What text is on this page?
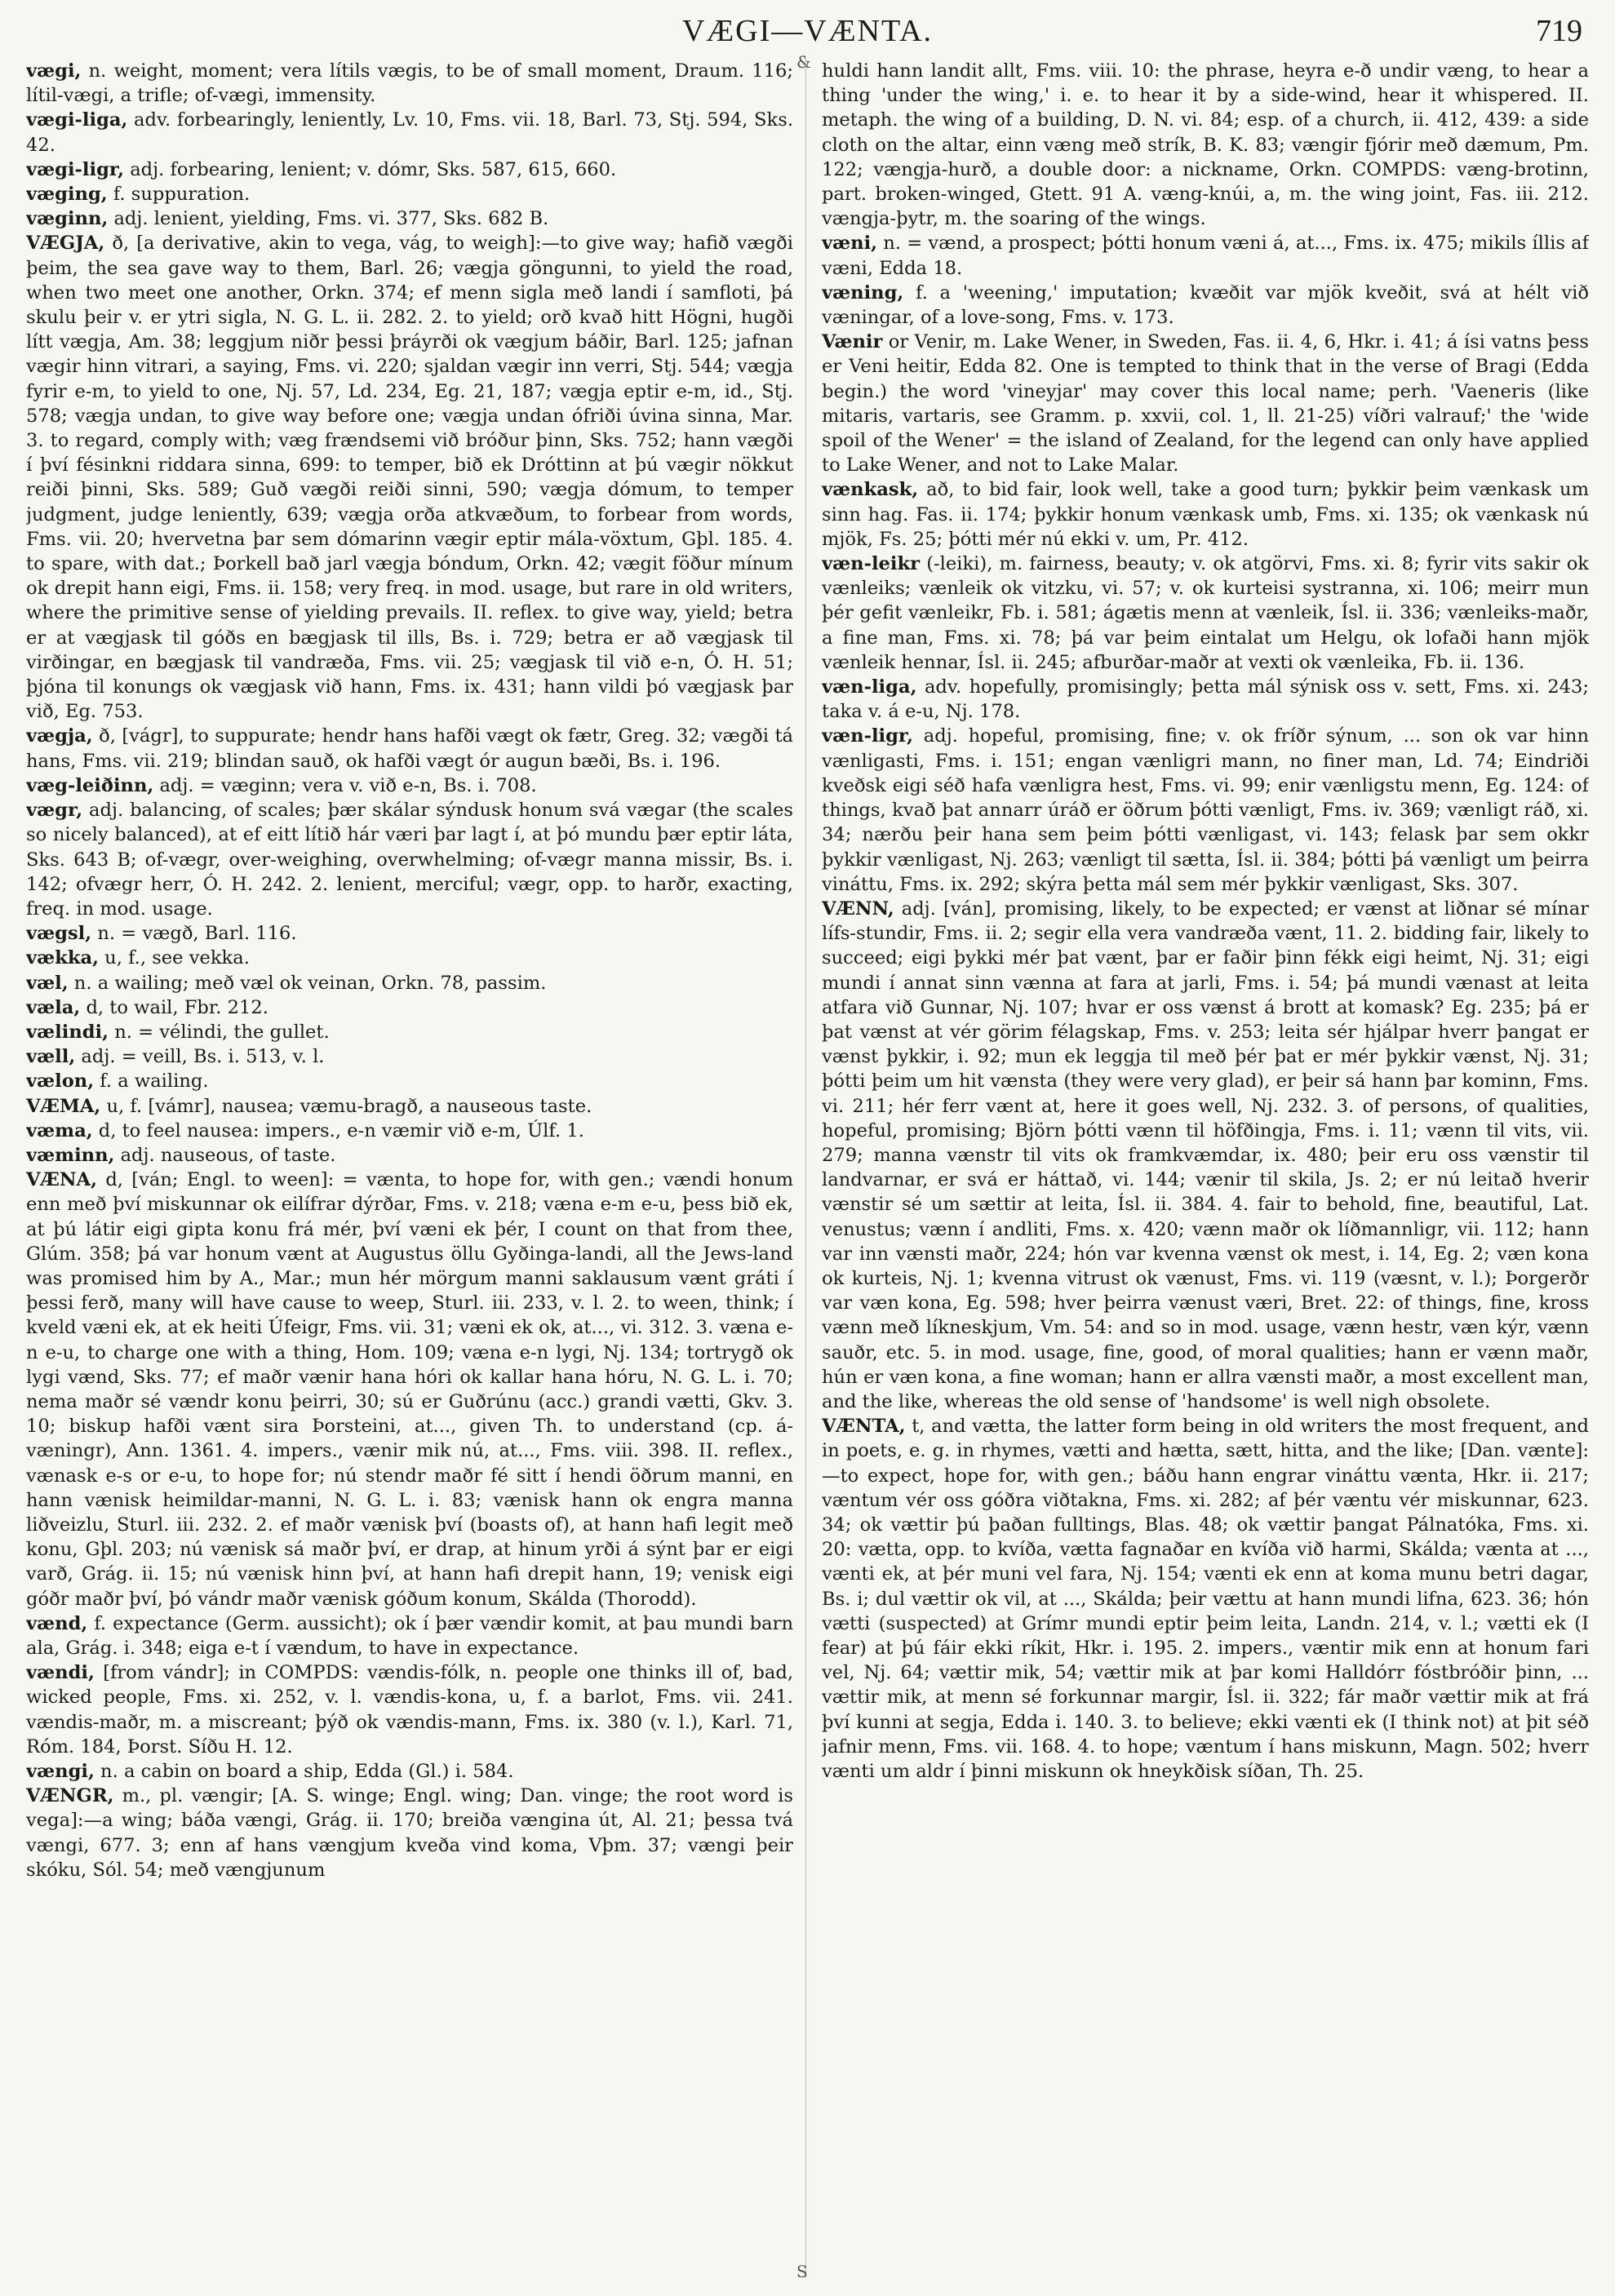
VÆGI—VÆNTA.	719
&
S

vægi, n. weight, moment; vera lítils vægis, to be of small moment, Draum. 116; lítil-vægi, a trifle; of-vægi, immensity.

vægi-liga, adv. forbearingly, leniently, Lv. 10, Fms. vii. 18, Barl. 73, Stj. 594, Sks. 42.

vægi-ligr, adj. forbearing, lenient; v. dómr, Sks. 587, 615, 660.

væging, f. suppuration.

væginn, adj. lenient, yielding, Fms. vi. 377, Sks. 682 B.

VÆGJA, ð, [a derivative, akin to vega, vág, to weigh]:—to give way; hafið vægði þeim, the sea gave way to them, Barl. 26; vægja göngunni, to yield the road, when two meet one another, Orkn. 374; ef menn sigla með landi í samfloti, þá skulu þeir v. er ytri sigla, N. G. L. ii. 282. 2. to yield; orð kvað hitt Högni, hugði lítt vægja, Am. 38; leggjum niðr þessi þráyrði ok vægjum báðir, Barl. 125; jafnan vægir hinn vitrari, a saying, Fms. vi. 220; sjaldan vægir inn verri, Stj. 544; vægja fyrir e-m, to yield to one, Nj. 57, Ld. 234, Eg. 21, 187; vægja eptir e-m, id., Stj. 578; vægja undan, to give way before one; vægja undan ófriði úvina sinna, Mar. 3. to regard, comply with; væg frændsemi við bróður þinn, Sks. 752; hann vægði í því fésinkni riddara sinna, 699: to temper, bið ek Dróttinn at þú vægir nökkut reiði þinni, Sks. 589; Guð vægði reiði sinni, 590; vægja dómum, to temper judgment, judge leniently, 639; vægja orða atkvæðum, to forbear from words, Fms. vii. 20; hvervetna þar sem dómarinn vægir eptir mála-vöxtum, Gþl. 185. 4. to spare, with dat.; Þorkell bað jarl vægja bóndum, Orkn. 42; vægit föður mínum ok drepit hann eigi, Fms. ii. 158; very freq. in mod. usage, but rare in old writers, where the primitive sense of yielding prevails. II. reflex. to give way, yield; betra er at vægjask til góðs en bægjask til ills, Bs. i. 729; betra er að vægjask til virðingar, en bægjask til vandræða, Fms. vii. 25; vægjask til við e-n, Ó. H. 51; þjóna til konungs ok vægjask við hann, Fms. ix. 431; hann vildi þó vægjask þar við, Eg. 753.

vægja, ð, [vágr], to suppurate; hendr hans hafði vægt ok fætr, Greg. 32; vægði tá hans, Fms. vii. 219; blindan sauð, ok hafði vægt ór augun bæði, Bs. i. 196.

væg-leiðinn, adj. = væginn; vera v. við e-n, Bs. i. 708.

vægr, adj. balancing, of scales; þær skálar sýndusk honum svá vægar (the scales so nicely balanced), at ef eitt lítið hár væri þar lagt í, at þó mundu þær eptir láta, Sks. 643 B; of-vægr, over-weighing, overwhelming; of-vægr manna missir, Bs. i. 142; ofvægr herr, Ó. H. 242. 2. lenient, merciful; vægr, opp. to harðr, exacting, freq. in mod. usage.

vægsl, n. = vægð, Barl. 116.

vækka, u, f., see vekka.

væl, n. a wailing; með væl ok veinan, Orkn. 78, passim.

væla, d, to wail, Fbr. 212.

vælindi, n. = vélindi, the gullet.

væll, adj. = veill, Bs. i. 513, v. l.

vælon, f. a wailing.

VÆMA, u, f. [vámr], nausea; væmu-bragð, a nauseous taste.

væma, d, to feel nausea: impers., e-n væmir við e-m, Úlf. 1.

væminn, adj. nauseous, of taste.

VÆNA, d, [ván; Engl. to ween]: = vænta, to hope for, with gen.; vændi honum enn með því miskunnar ok eilífrar dýrðar, Fms. v. 218; væna e-m e-u, þess bið ek, at þú látir eigi gipta konu frá mér, því væni ek þér, I count on that from thee, Glúm. 358; þá var honum vænt at Augustus öllu Gyðinga-landi, all the Jews-land was promised him by A., Mar.; mun hér mörgum manni saklausum vænt gráti í þessi ferð, many will have cause to weep, Sturl. iii. 233, v. l. 2. to ween, think; í kveld væni ek, at ek heiti Úfeigr, Fms. vii. 31; væni ek ok, at..., vi. 312. 3. væna e-n e-u, to charge one with a thing, Hom. 109; væna e-n lygi, Nj. 134; tortrygð ok lygi vænd, Sks. 77; ef maðr vænir hana hóri ok kallar hana hóru, N. G. L. i. 70; nema maðr sé vændr konu þeirri, 30; sú er Guðrúnu (acc.) grandi vætti, Gkv. 3. 10; biskup hafði vænt sira Þorsteini, at..., given Th. to understand (cp. á-væningr), Ann. 1361. 4. impers., vænir mik nú, at..., Fms. viii. 398. II. reflex., vænask e-s or e-u, to hope for; nú stendr maðr fé sitt í hendi öðrum manni, en hann vænisk heimildar-manni, N. G. L. i. 83; vænisk hann ok engra manna liðveizlu, Sturl. iii. 232. 2. ef maðr vænisk því (boasts of), at hann hafi legit með konu, Gþl. 203; nú vænisk sá maðr því, er drap, at hinum yrði á sýnt þar er eigi varð, Grág. ii. 15; nú vænisk hinn því, at hann hafi drepit hann, 19; venisk eigi góðr maðr því, þó vándr maðr vænisk góðum konum, Skálda (Thorodd).

vænd, f. expectance (Germ. aussicht); ok í þær vændir komit, at þau mundi barn ala, Grág. i. 348; eiga e-t í vændum, to have in expectance.

vændi, [from vándr]; in COMPDS: vændis-fólk, n. people one thinks ill of, bad, wicked people, Fms. xi. 252, v. l. vændis-kona, u, f. a barlot, Fms. vii. 241. vændis-maðr, m. a miscreant; þýð ok vændis-mann, Fms. ix. 380 (v. l.), Karl. 71, Róm. 184, Þorst. Síðu H. 12.

vængi, n. a cabin on board a ship, Edda (Gl.) i. 584.

VÆNGR, m., pl. vængir; [A. S. winge; Engl. wing; Dan. vinge; the root word is vega]:—a wing; báða vængi, Grág. ii. 170; breiða vængina út, Al. 21; þessa tvá vængi, 677. 3; enn af hans vængjum kveða vind koma, Vþm. 37; vængi þeir skóku, Sól. 54; með vængjunum

huldi hann landit allt, Fms. viii. 10: the phrase, heyra e-ð undir væng, to hear a thing 'under the wing,' i. e. to hear it by a side-wind, hear it whispered. II. metaph. the wing of a building, D. N. vi. 84; esp. of a church, ii. 412, 439: a side cloth on the altar, einn væng með strík, B. K. 83; vængir fjórir með dæmum, Pm. 122; vængja-hurð, a double door: a nickname, Orkn. COMPDS: væng-brotinn, part. broken-winged, Gtett. 91 A. væng-knúi, a, m. the wing joint, Fas. iii. 212. vængja-þytr, m. the soaring of the wings.

væni, n. = vænd, a prospect; þótti honum væni á, at..., Fms. ix. 475; mikils íllis af væni, Edda 18.

væning, f. a 'weening,' imputation; kvæðit var mjök kveðit, svá at hélt við væningar, of a love-song, Fms. v. 173.

Vænir or Venir, m. Lake Wener, in Sweden, Fas. ii. 4, 6, Hkr. i. 41; á ísi vatns þess er Veni heitir, Edda 82. One is tempted to think that in the verse of Bragi (Edda begin.) the word 'vineyjar' may cover this local name; perh. 'Vaeneris (like mitaris, vartaris, see Gramm. p. xxvii, col. 1, ll. 21-25) víðri valrauf;' the 'wide spoil of the Wener' = the island of Zealand, for the legend can only have applied to Lake Wener, and not to Lake Malar.

vænkask, að, to bid fair, look well, take a good turn; þykkir þeim vænkask um sinn hag. Fas. ii. 174; þykkir honum vænkask umb, Fms. xi. 135; ok vænkask nú mjök, Fs. 25; þótti mér nú ekki v. um, Pr. 412.

væn-leikr (-leiki), m. fairness, beauty; v. ok atgörvi, Fms. xi. 8; fyrir vits sakir ok vænleiks; vænleik ok vitzku, vi. 57; v. ok kurteisi systranna, xi. 106; meirr mun þér gefit vænleikr, Fb. i. 581; ágætis menn at vænleik, Ísl. ii. 336; vænleiks-maðr, a fine man, Fms. xi. 78; þá var þeim eintalat um Helgu, ok lofaði hann mjök vænleik hennar, Ísl. ii. 245; afburðar-maðr at vexti ok vænleika, Fb. ii. 136.

væn-liga, adv. hopefully, promisingly; þetta mál sýnisk oss v. sett, Fms. xi. 243; taka v. á e-u, Nj. 178.

væn-ligr, adj. hopeful, promising, fine; v. ok fríðr sýnum, ... son ok var hinn vænligasti, Fms. i. 151; engan vænligri mann, no finer man, Ld. 74; Eindriði kveðsk eigi séð hafa vænligra hest, Fms. vi. 99; enir vænligstu menn, Eg. 124: of things, kvað þat annarr úráð er öðrum þótti vænligt, Fms. iv. 369; vænligt ráð, xi. 34; nærðu þeir hana sem þeim þótti vænligast, vi. 143; felask þar sem okkr þykkir vænligast, Nj. 263; vænligt til sætta, Ísl. ii. 384; þótti þá vænligt um þeirra vináttu, Fms. ix. 292; skýra þetta mál sem mér þykkir vænligast, Sks. 307.

VÆNN, adj. [ván], promising, likely, to be expected; er vænst at liðnar sé mínar lífs-stundir, Fms. ii. 2; segir ella vera vandræða vænt, 11. 2. bidding fair, likely to succeed; eigi þykki mér þat vænt, þar er faðir þinn fékk eigi heimt, Nj. 31; eigi mundi í annat sinn vænna at fara at jarli, Fms. i. 54; þá mundi vænast at leita atfara við Gunnar, Nj. 107; hvar er oss vænst á brott at komask? Eg. 235; þá er þat vænst at vér görim félagskap, Fms. v. 253; leita sér hjálpar hverr þangat er vænst þykkir, i. 92; mun ek leggja til með þér þat er mér þykkir vænst, Nj. 31; þótti þeim um hit vænsta (they were very glad), er þeir sá hann þar kominn, Fms. vi. 211; hér ferr vænt at, here it goes well, Nj. 232. 3. of persons, of qualities, hopeful, promising; Björn þótti vænn til höfðingja, Fms. i. 11; vænn til vits, vii. 279; manna vænstr til vits ok framkvæmdar, ix. 480; þeir eru oss vænstir til landvarnar, er svá er háttað, vi. 144; vænir til skila, Js. 2; er nú leitað hverir vænstir sé um sættir at leita, Ísl. ii. 384. 4. fair to behold, fine, beautiful, Lat. venustus; vænn í andliti, Fms. x. 420; vænn maðr ok líðmannligr, vii. 112; hann var inn vænsti maðr, 224; hón var kvenna vænst ok mest, i. 14, Eg. 2; væn kona ok kurteis, Nj. 1; kvenna vitrust ok vænust, Fms. vi. 119 (væsnt, v. l.); Þorgerðr var væn kona, Eg. 598; hver þeirra vænust væri, Bret. 22: of things, fine, kross vænn með líkneskjum, Vm. 54: and so in mod. usage, vænn hestr, væn kýr, vænn sauðr, etc. 5. in mod. usage, fine, good, of moral qualities; hann er vænn maðr, hún er væn kona, a fine woman; hann er allra vænsti maðr, a most excellent man, and the like, whereas the old sense of 'handsome' is well nigh obsolete.

VÆNTA, t, and vætta, the latter form being in old writers the most frequent, and in poets, e. g. in rhymes, vætti and hætta, sætt, hitta, and the like; [Dan. vænte]:—to expect, hope for, with gen.; báðu hann engrar vináttu vænta, Hkr. ii. 217; væntum vér oss góðra viðtakna, Fms. xi. 282; af þér væntu vér miskunnar, 623. 34; ok vættir þú þaðan fulltings, Blas. 48; ok vættir þangat Pálnatóka, Fms. xi. 20: vætta, opp. to kvíða, vætta fagnaðar en kvíða við harmi, Skálda; vænta at ..., vænti ek, at þér muni vel fara, Nj. 154; vænti ek enn at koma munu betri dagar, Bs. i; dul vættir ok vil, at ..., Skálda; þeir vættu at hann mundi lifna, 623. 36; hón vætti (suspected) at Grímr mundi eptir þeim leita, Landn. 214, v. l.; vætti ek (I fear) at þú fáir ekki ríkit, Hkr. i. 195. 2. impers., væntir mik enn at honum fari vel, Nj. 64; vættir mik, 54; vættir mik at þar komi Halldórr fóstbróðir þinn, ... vættir mik, at menn sé forkunnar margir, Ísl. ii. 322; fár maðr vættir mik at frá því kunni at segja, Edda i. 140. 3. to believe; ekki vænti ek (I think not) at þit séð jafnir menn, Fms. vii. 168. 4. to hope; væntum í hans miskunn, Magn. 502; hverr vænti um aldr í þinni miskunn ok hneykðisk síðan, Th. 25.
